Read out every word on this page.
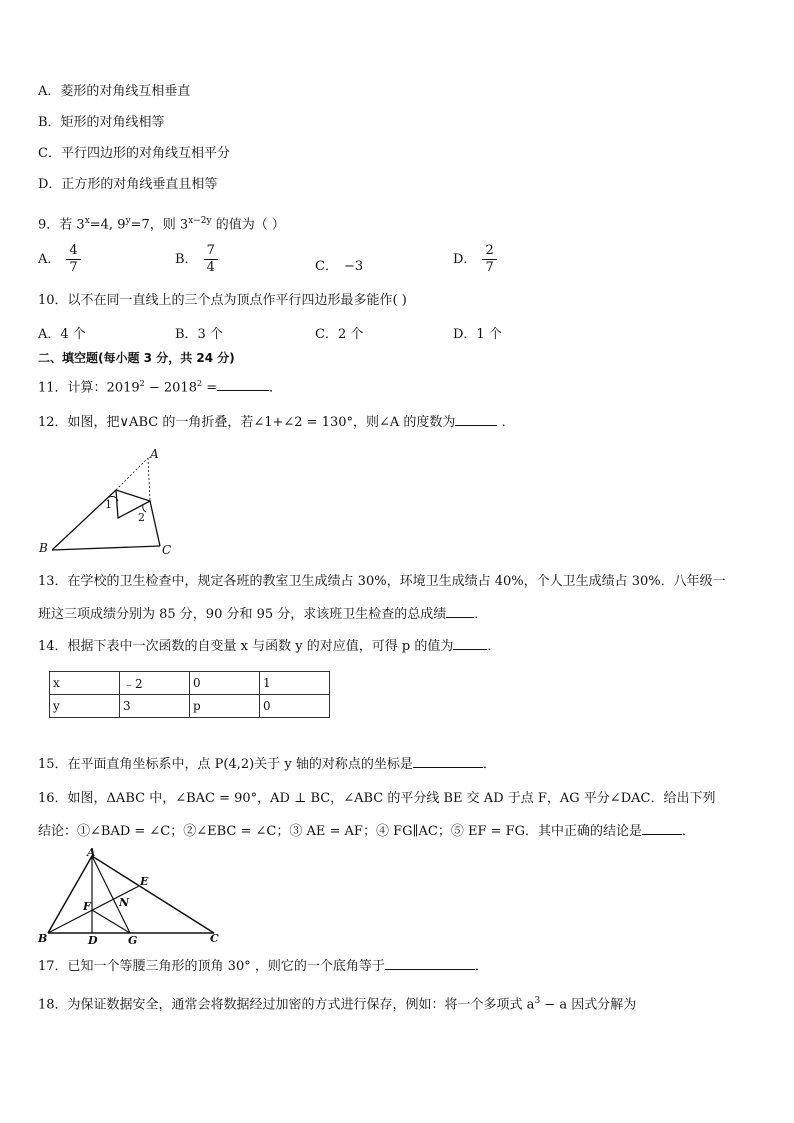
A．菱形的对角线互相垂直
B．矩形的对角线相等
C．平行四边形的对角线互相平分
D．正方形的对角线垂直且相等
9．若 $3^x=4$, $9^y=7$，则 $3^{x-2y}$ 的值为（ ）
A． $\frac{4}{7}$	B． $\frac{7}{4}$	C． −3	D． $\frac{2}{7}$
10．以不在同一直线上的三个点为顶点作平行四边形最多能作( )
A．4 个	B．3 个	C．2 个	D．1 个
二、填空题(每小题 3 分，共 24 分)
11．计算：$2019^2 - 2018^2$ =	．
12．如图，把∨ABC 的一角折叠，若∠1+∠2 = 130°，则∠A 的度数为	．
A
B	C
1
2
13．在学校的卫生检查中，规定各班的教室卫生成绩占 30%，环境卫生成绩占 40%，个人卫生成绩占 30%．八年级一
班这三项成绩分别为 85 分，90 分和 95 分，求该班卫生检查的总成绩 ．
14．根据下表中一次函数的自变量 x 与函数 y 的对应值，可得 p 的值为	．
x	﹣2	0	1
y	3	p	0
15．在平面直角坐标系中，点 P(4,2)关于 y 轴的对称点的坐标是	．
16．如图，ΔABC 中，∠BAC = 90°，AD ⊥ BC，∠ABC 的平分线 BE 交 AD 于点 F，AG 平分∠DAC．给出下列
结论：①∠BAD = ∠C；②∠EBC = ∠C；③ AE = AF；④ FG∥AC；⑤ EF = FG．其中正确的结论是	．
A
B	C
D
E
F
G
N
17．已知一个等腰三角形的顶角 30° ，则它的一个底角等于	．
18．为保证数据安全，通常会将数据经过加密的方式进行保存，例如：将一个多项式 $a^3 - a$ 因式分解为
